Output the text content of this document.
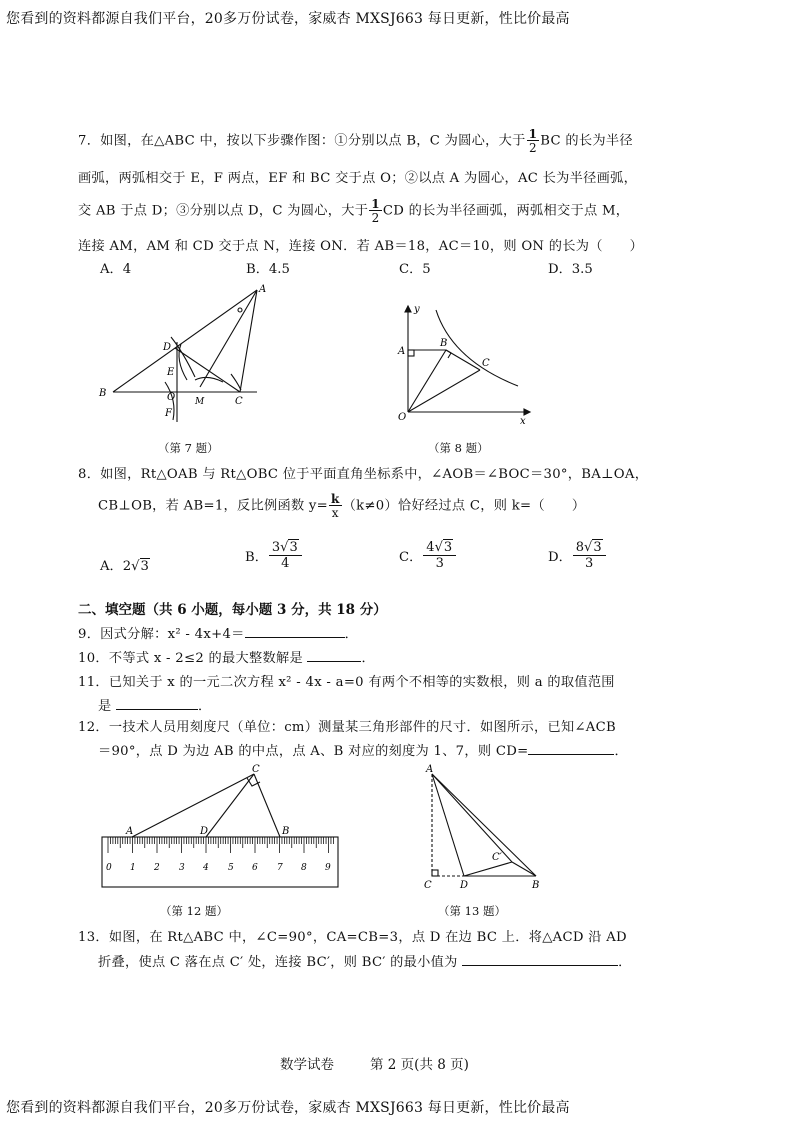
您看到的资料都源自我们平台，20多万份试卷，家威杏 MXSJ663 每日更新，性比价最高
7．如图，在△ABC 中，按以下步骤作图：①分别以点 B，C 为圆心，大于 $\frac{1}{2}$ BC 的长为半径
画弧，两弧相交于 E，F 两点，EF 和 BC 交于点 O；②以点 A 为圆心，AC 长为半径画弧，
交 AB 于点 D；③分别以点 D，C 为圆心，大于 $\frac{1}{2}$ CD 的长为半径画弧，两弧相交于点 M，
连接 AM，AM 和 CD 交于点 N，连接 ON．若 AB＝18，AC＝10，则 ON 的长为（　　）
A．4	B．4.5	C．5	D．3.5
A
B
C
D
E
F
O M
（第 7 题）
y
x
A
B
C
O
（第 8 题）
8．如图，Rt△OAB 与 Rt△OBC 位于平面直角坐标系中，∠AOB＝∠BOC＝30°，BA⊥OA，
CB⊥OB，若 AB=1，反比例函数 $y= \frac{k}{x} (k\ne 0)$恰好经过点 C，则 k=（　　）
A．2√3
B． $\frac{3√3}{4}$	C． $\frac{4√3}{3}$	D． $\frac{8√3}{3}$
二、填空题（共 6 小题，每小题 3 分，共 18 分）
9．因式分解：x² - 4x+4＝	．
10．不等式 x - 2≤2 的最大整数解是	．
11．已知关于 x 的一元二次方程 x² - 4x - a=0 有两个不相等的实数根，则 a 的取值范围
是	．
12．一技术人员用刻度尺（单位：cm）测量某三角形部件的尺寸．如图所示，已知∠ACB
＝90°，点 D 为边 AB 的中点，点 A、B 对应的刻度为 1、7，则 CD=	．
0 1 2 3 4 5 6 7 8 9
A	D	B
C
（第 12 题）
A
C	D	B
C′
（第 13 题）
13．如图，在 Rt△ABC 中，∠C=90°，CA=CB=3，点 D 在边 BC 上．将△ACD 沿 AD
折叠，使点 C 落在点 C′ 处，连接 BC′，则 BC′ 的最小值为	．
数学试卷	第 2 页(共 8 页)
您看到的资料都源自我们平台，20多万份试卷，家威杏 MXSJ663 每日更新，性比价最高
